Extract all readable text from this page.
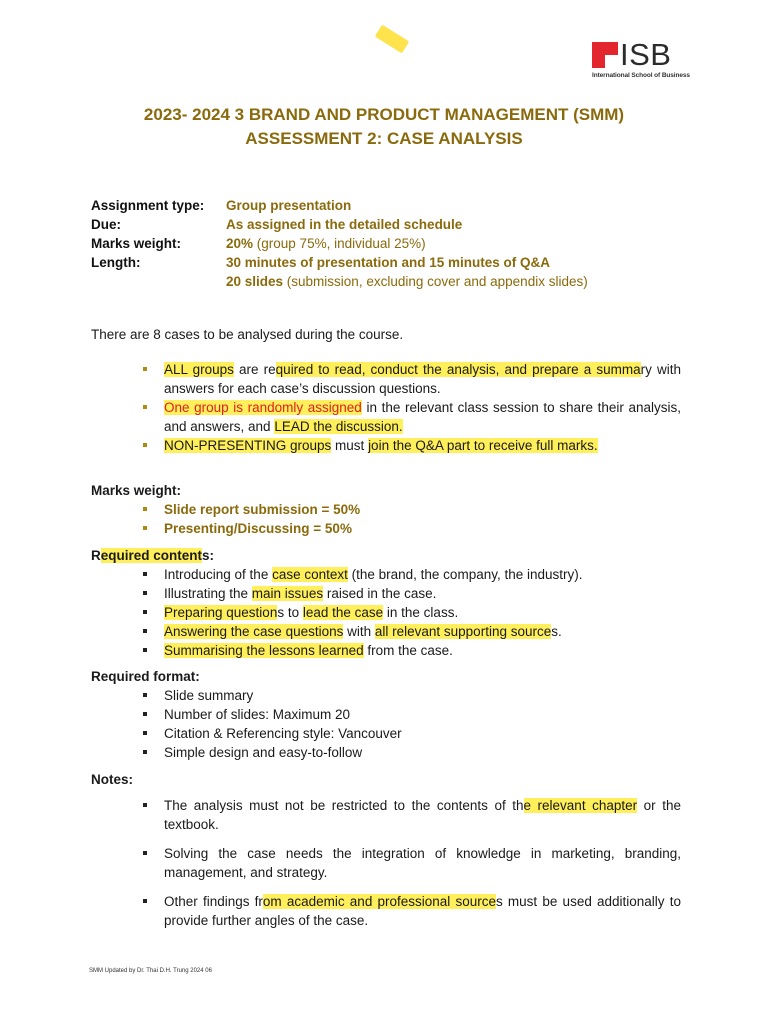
ISB
International School of Business
2023- 2024 3 BRAND AND PRODUCT MANAGEMENT (SMM)
ASSESSMENT 2: CASE ANALYSIS
Assignment type:	Group presentation
Due:	As assigned in the detailed schedule
Marks weight:	20% (group 75%, individual 25%)
Length:	30 minutes of presentation and 15 minutes of Q&A
20 slides (submission, excluding cover and appendix slides)
There are 8 cases to be analysed during the course.
ALL groups are required to read, conduct the analysis, and prepare a summary with answers for each case’s discussion questions.
One group is randomly assigned in the relevant class session to share their analysis, and answers, and LEAD the discussion.
NON-PRESENTING groups must join the Q&A part to receive full marks.
Marks weight:
Slide report submission = 50%
Presenting/Discussing = 50%
Required contents:
Introducing of the case context (the brand, the company, the industry).
Illustrating the main issues raised in the case.
Preparing questions to lead the case in the class.
Answering the case questions with all relevant supporting sources.
Summarising the lessons learned from the case.
Required format:
Slide summary
Number of slides: Maximum 20
Citation & Referencing style: Vancouver
Simple design and easy-to-follow
Notes:
The analysis must not be restricted to the contents of the relevant chapter or the textbook.
Solving the case needs the integration of knowledge in marketing, branding, management, and strategy.
Other findings from academic and professional sources must be used additionally to provide further angles of the case.
SMM Updated by Dr. Thai D.H. Trung 2024 06
